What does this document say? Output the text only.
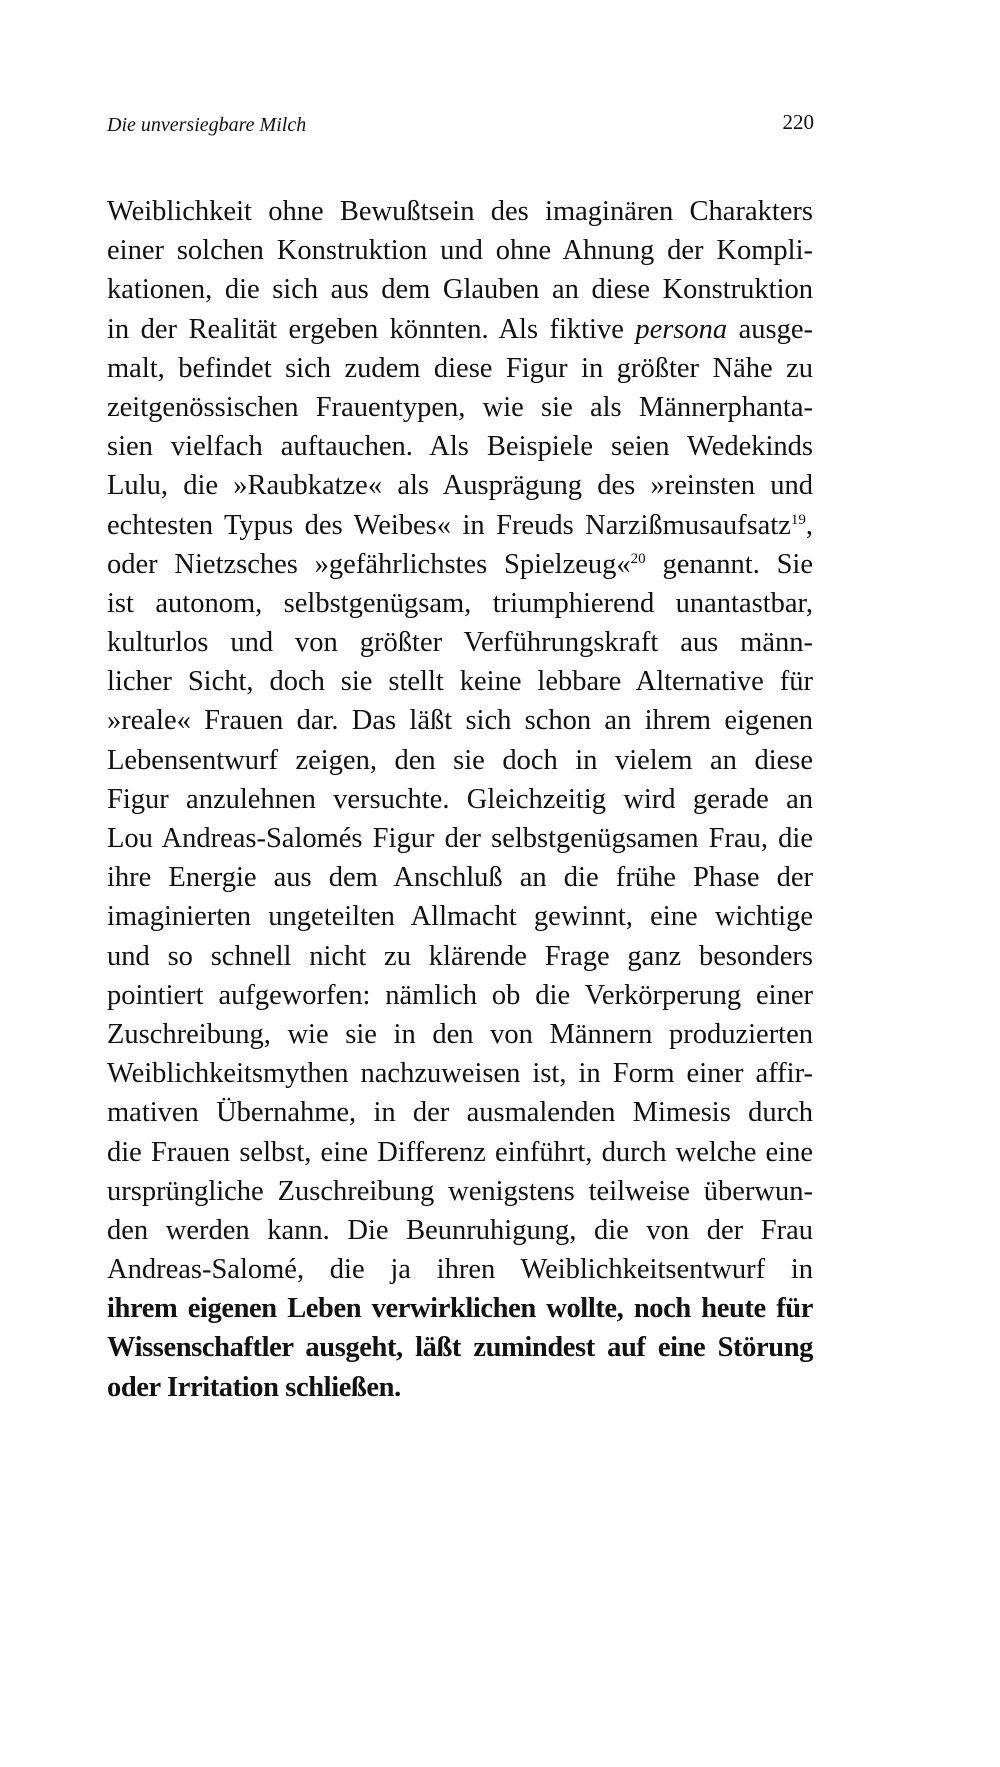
Die unversiegbare Milch	220
Weiblichkeit ohne Bewußtsein des imaginären Charakters
einer solchen Konstruktion und ohne Ahnung der Kompli-
kationen, die sich aus dem Glauben an diese Konstruktion
in der Realität ergeben könnten. Als fiktive persona ausge-
malt, befindet sich zudem diese Figur in größter Nähe zu
zeitgenössischen Frauentypen, wie sie als Männerphanta-
sien vielfach auftauchen. Als Beispiele seien Wedekinds
Lulu, die »Raubkatze« als Ausprägung des »reinsten und
echtesten Typus des Weibes« in Freuds Narzißmusaufsatz$^{19}$,
oder Nietzsches »gefährlichstes Spielzeug«$^{20}$ genannt. Sie
ist autonom, selbstgenügsam, triumphierend unantastbar,
kulturlos und von größter Verführungskraft aus männ-
licher Sicht, doch sie stellt keine lebbare Alternative für
»reale« Frauen dar. Das läßt sich schon an ihrem eigenen
Lebensentwurf zeigen, den sie doch in vielem an diese
Figur anzulehnen versuchte. Gleichzeitig wird gerade an
Lou Andreas-Salomés Figur der selbstgenügsamen Frau, die
ihre Energie aus dem Anschluß an die frühe Phase der
imaginierten ungeteilten Allmacht gewinnt, eine wichtige
und so schnell nicht zu klärende Frage ganz besonders
pointiert aufgeworfen: nämlich ob die Verkörperung einer
Zuschreibung, wie sie in den von Männern produzierten
Weiblichkeitsmythen nachzuweisen ist, in Form einer affir-
mativen Übernahme, in der ausmalenden Mimesis durch
die Frauen selbst, eine Differenz einführt, durch welche eine
ursprüngliche Zuschreibung wenigstens teilweise überwun-
den werden kann. Die Beunruhigung, die von der Frau
Andreas-Salomé, die ja ihren Weiblichkeitsentwurf in
ihrem eigenen Leben verwirklichen wollte, noch heute für
Wissenschaftler ausgeht, läßt zumindest auf eine Störung
oder Irritation schließen.
